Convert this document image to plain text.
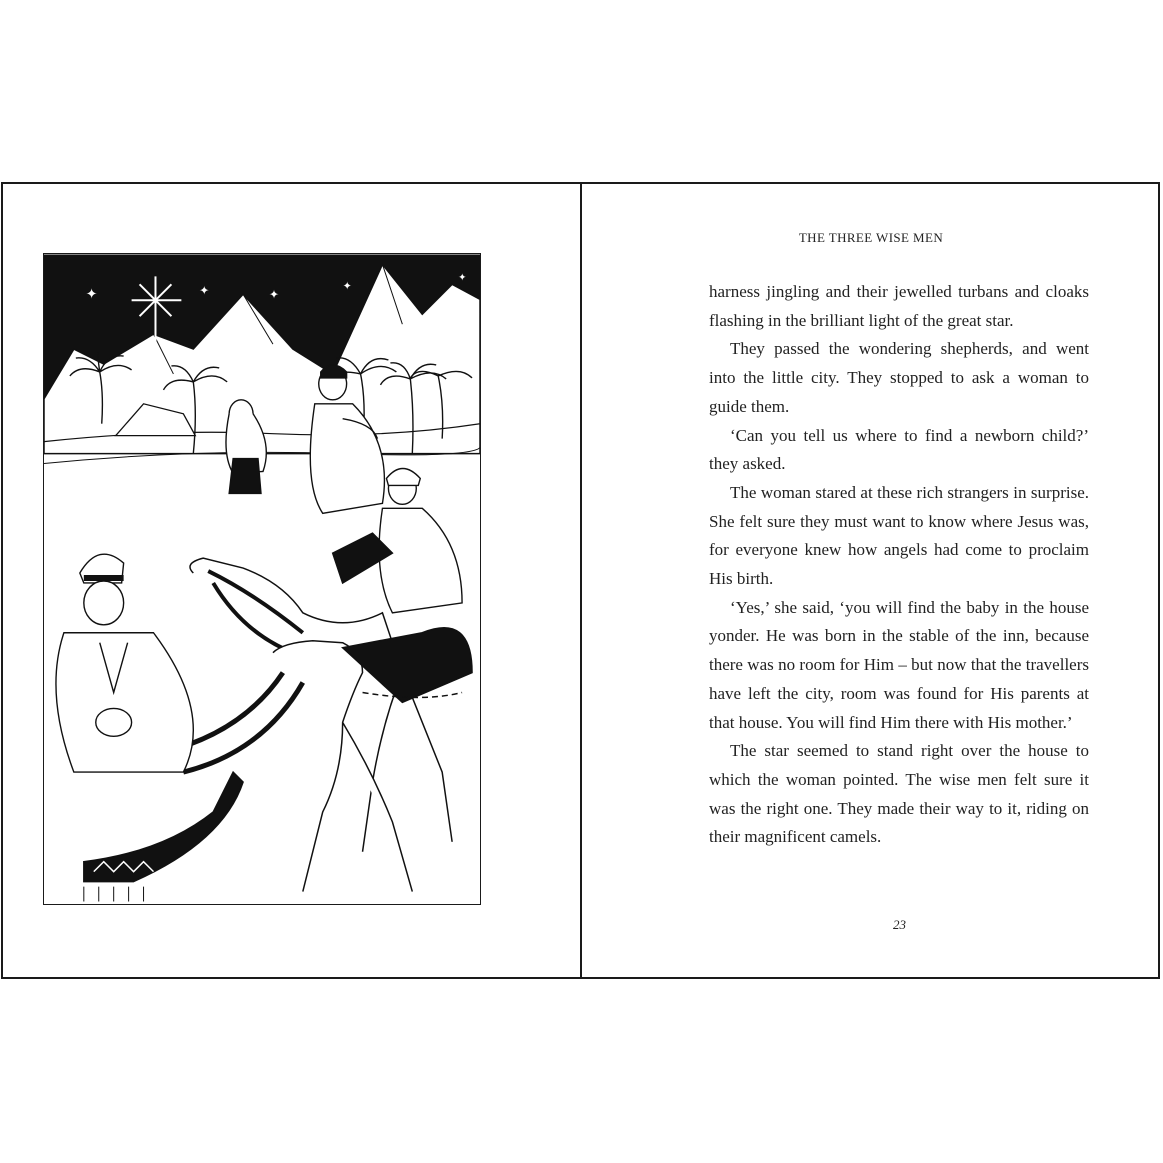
✦	✦	✦
✦
✦
✦
THE THREE WISE MEN

harness jingling and their jewelled turbans and cloaks flashing in the brilliant light of the great star.

They passed the wondering shepherds, and went into the little city. They stopped to ask a woman to guide them.

‘Can you tell us where to find a newborn child?’ they asked.

The woman stared at these rich strangers in surprise. She felt sure they must want to know where Jesus was, for everyone knew how angels had come to proclaim His birth.

‘Yes,’ she said, ‘you will find the baby in the house yonder. He was born in the stable of the inn, because there was no room for Him – but now that the travellers have left the city, room was found for His parents at that house. You will find Him there with His mother.’

The star seemed to stand right over the house to which the woman pointed. The wise men felt sure it was the right one. They made their way to it, riding on their magnificent camels.

23
